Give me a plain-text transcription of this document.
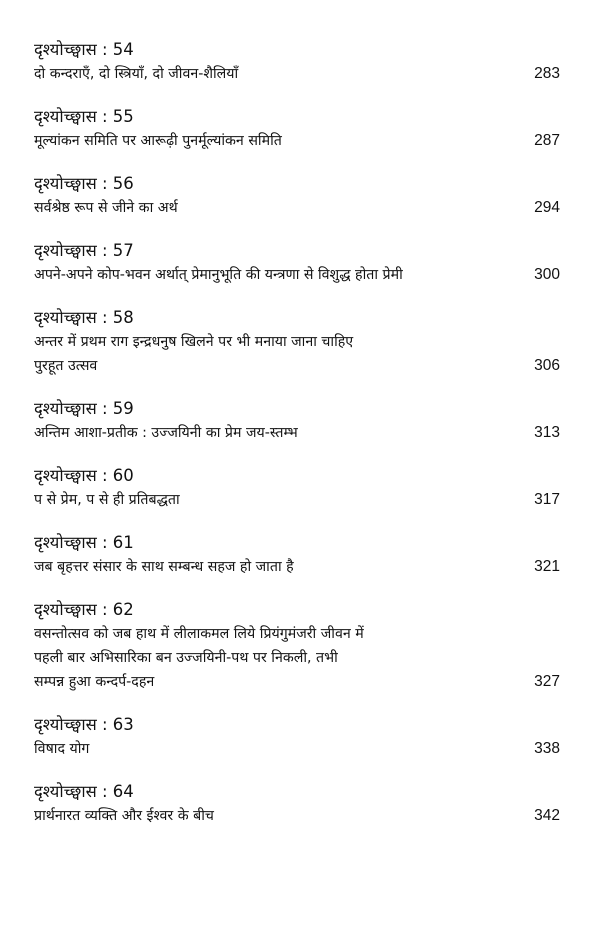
दृश्योच्छ्वास : 54
दो कन्दराएँ, दो स्त्रियाँ, दो जीवन-शैलियाँ	283
दृश्योच्छ्वास : 55
मूल्यांकन समिति पर आरूढ़ी पुनर्मूल्यांकन समिति	287
दृश्योच्छ्वास : 56
सर्वश्रेष्ठ रूप से जीने का अर्थ	294
दृश्योच्छ्वास : 57
अपने-अपने कोप-भवन अर्थात् प्रेमानुभूति की यन्त्रणा से विशुद्ध होता प्रेमी	300
दृश्योच्छ्वास : 58
अन्तर में प्रथम राग इन्द्रधनुष खिलने पर भी मनाया जाना चाहिए
पुरहूत उत्सव	306
दृश्योच्छ्वास : 59
अन्तिम आशा-प्रतीक : उज्जयिनी का प्रेम जय-स्तम्भ	313
दृश्योच्छ्वास : 60
प से प्रेम, प से ही प्रतिबद्धता	317
दृश्योच्छ्वास : 61
जब बृहत्तर संसार के साथ सम्बन्ध सहज हो जाता है	321
दृश्योच्छ्वास : 62
वसन्तोत्सव को जब हाथ में लीलाकमल लिये प्रियंगुमंजरी जीवन में
पहली बार अभिसारिका बन उज्जयिनी-पथ पर निकली, तभी
सम्पन्न हुआ कन्दर्प-दहन	327
दृश्योच्छ्वास : 63
विषाद योग	338
दृश्योच्छ्वास : 64
प्रार्थनारत व्यक्ति और ईश्वर के बीच	342
